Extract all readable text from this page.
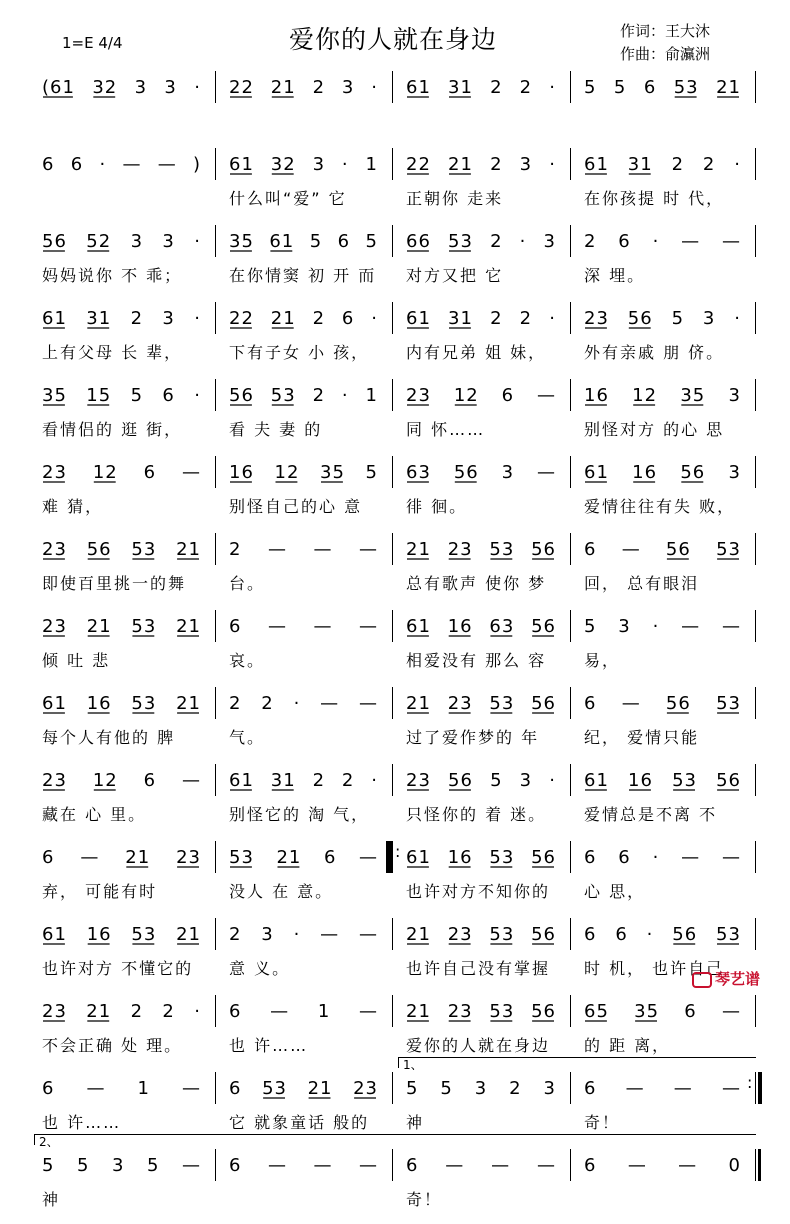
1=E 4/4	爱你的人就在身边	作词：王大沐
作曲：俞灜洲
(61 32 3 3 · 22 21 2 3 · 61 31 2 2 · 5 5 6 53 21
6 6 · — — ) 61 32 3 · 1
什么叫“爱” 它
22 21 2 3 ·
正朝你 走来
61 31 2 2 ·
在你孩提 时 代，
56 52 3 3 ·
妈妈说你 不 乖；
35 61 5 6 5
在你情窦 初 开 而
66 53 2 · 3
对方又把 它
2 6 · — —
深 埋。
61 31 2 3 ·
上有父母 长 辈，
22 21 2 6 ·
下有子女 小 孩，
61 31 2 2 ·
内有兄弟 姐 妹，
23 56 5 3 ·
外有亲戚 朋 侪。
35 15 5 6 ·
看情侣的 逛 街，
56 53 2 · 1
看 夫 妻 的
23 12 6 —
同 怀……
16 12 35 3
别怪对方 的心 思
23 12 6 —
难 猜，
16 12 35 5
别怪自己的心 意
63 56 3 —
徘 徊。
61 16 56 3
爱情往往有失 败，
23 56 53 21
即使百里挑一的舞
2 — — —
台。
21 23 53 56
总有歌声 使你 梦
6 — 56 53
回， 总有眼泪
23 21 53 21
倾 吐 悲
6 — — —
哀。
61 16 63 56
相爱没有 那么 容
5 3 · — —
易，
61 16 53 21
每个人有他的 脾
2 2 · — —
气。
21 23 53 56
过了爱作梦的 年
6 — 56 53
纪， 爱情只能
23 12 6 —
藏在 心 里。
61 31 2 2 ·
别怪它的 淘 气，
23 56 5 3 ·
只怪你的 着 迷。
61 16 53 56
爱情总是不离 不
6 — 21 23
弃， 可能有时
53 21 6 —
没人 在 意。
61 16 53 56
也许对方不知你的
6 6 · — —
心 思，
:
61 16 53 21
也许对方 不懂它的
2 3 · — —
意 义。
21 23 53 56
也许自己没有掌握
6 6 · 56 53
时 机， 也许自己
23 21 2 2 ·
不会正确 处 理。
6 — 1 —
也 许……
21 23 53 56
爱你的人就在身边
65 35 6 —
的 距 离，
6 — 1 —
也 许……
6 53 21 23
它 就象童话 般的
5 5 3 2 3
神
6 — — —
奇！
:
1、
5 5 3 5 —
神
6 — — — 6 — — —
奇！
6 — — 0
2、
琴艺谱
